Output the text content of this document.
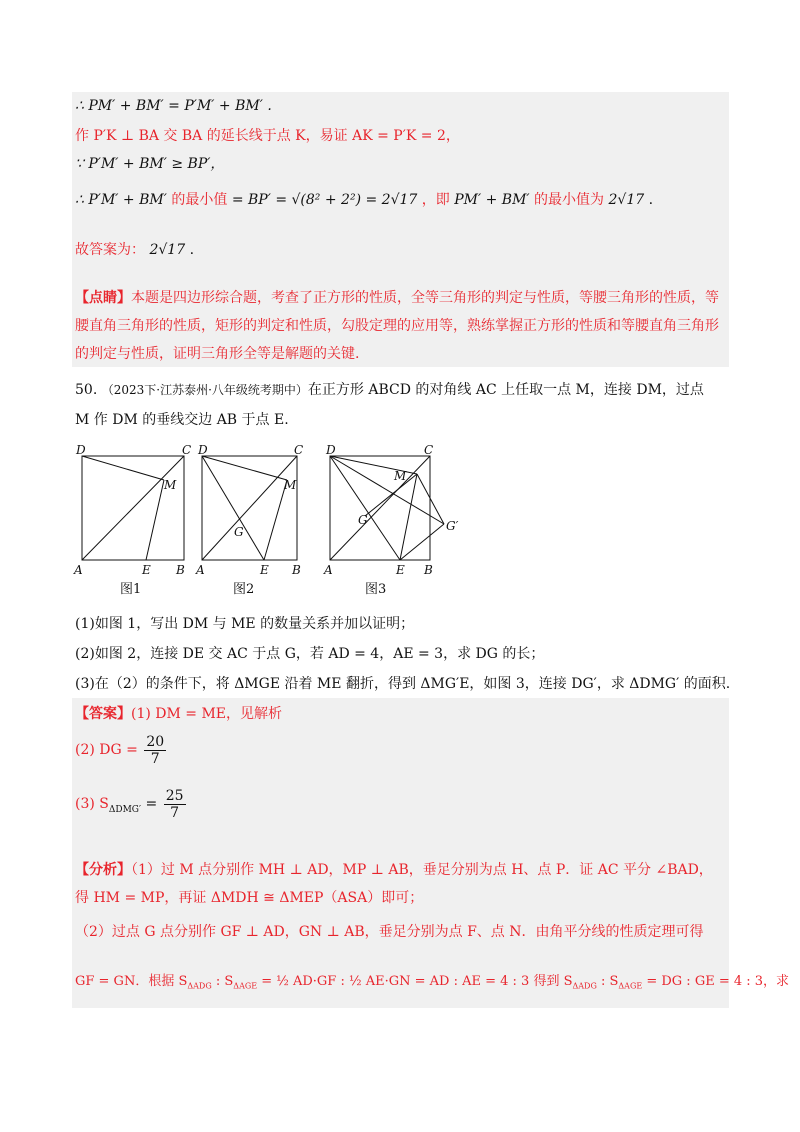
∴ PM′ + BM′ = P′M′ + BM′ .
作 P′K ⊥ BA 交 BA 的延长线于点 K，易证 AK = P′K = 2，
∵ P′M′ + BM′ ≥ BP′，
∴ P′M′ + BM′ 的最小值 = BP′ = √(8² + 2²) = 2√17 ，即 PM′ + BM′ 的最小值为 2√17 .
故答案为： 2√17 .
【点睛】本题是四边形综合题，考查了正方形的性质，全等三角形的判定与性质，等腰三角形的性质，等腰直角三角形的性质，矩形的判定和性质，勾股定理的应用等，熟练掌握正方形的性质和等腰直角三角形的判定与性质，证明三角形全等是解题的关键.
50. （2023下·江苏泰州·八年级统考期中）在正方形 ABCD 的对角线 AC 上任取一点 M，连接 DM，过点
M 作 DM 的垂线交边 AB 于点 E.
D	C
M
A	E B
D	C
M
G
A	E B
D	C
M
G	G′
A	E B
图1	图2	图3
(1)如图 1，写出 DM 与 ME 的数量关系并加以证明；
(2)如图 2，连接 DE 交 AC 于点 G，若 AD = 4，AE = 3，求 DG 的长；
(3)在（2）的条件下，将 ΔMGE 沿着 ME 翻折，得到 ΔMG′E，如图 3，连接 DG′，求 ΔDMG′ 的面积.
【答案】(1) DM = ME，见解析
(2) DG = $\frac{20}{7}$
(3) $S_{\Delta DMG'} = \frac{25}{7}$
【分析】（1）过 M 点分别作 MH ⊥ AD，MP ⊥ AB，垂足分别为点 H、点 P．证 AC 平分 ∠BAD，得 HM = MP，再证 ΔMDH ≅ ΔMEP（ASA）即可；
（2）过点 G 点分别作 GF ⊥ AD，GN ⊥ AB，垂足分别为点 F、点 N．由角平分线的性质定理可得
GF = GN．根据 $S_{\Delta ADG}$ : $S_{\Delta AGE}$ = ½ AD·GF : ½ AE·GN = AD : AE = 4 : 3 得到 $S_{\Delta ADG}$ : $S_{\Delta AGE}$ = DG : GE = 4 : 3，求
